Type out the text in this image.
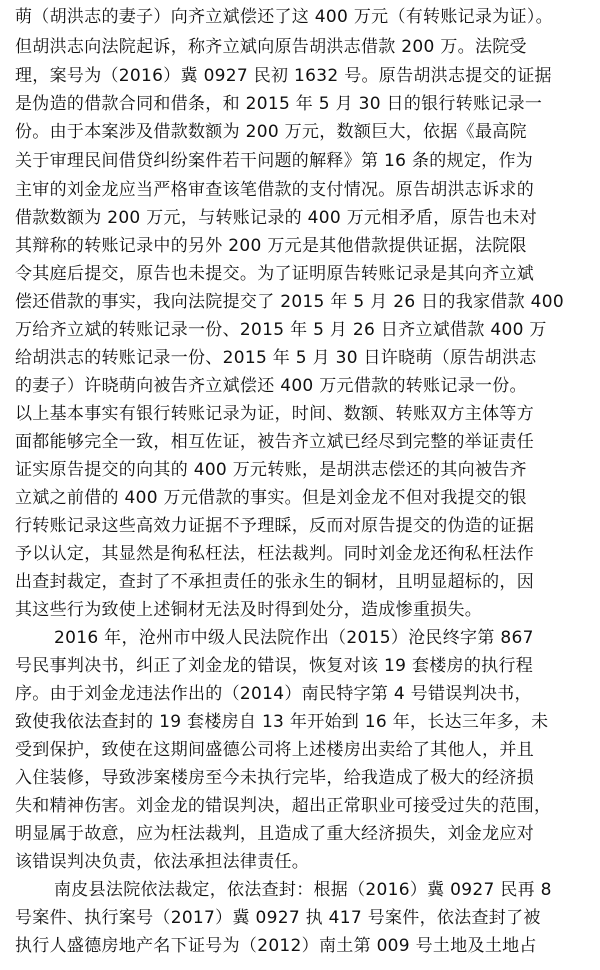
萌（胡洪志的妻子）向齐立斌偿还了这 400 万元（有转账记录为证）。
但胡洪志向法院起诉，称齐立斌向原告胡洪志借款 200 万。法院受
理，案号为（2016）冀 0927 民初 1632 号。原告胡洪志提交的证据
是伪造的借款合同和借条，和 2015 年 5 月 30 日的银行转账记录一
份。由于本案涉及借款数额为 200 万元，数额巨大，依据《最高院
关于审理民间借贷纠纷案件若干问题的解释》第 16 条的规定，作为
主审的刘金龙应当严格审查该笔借款的支付情况。原告胡洪志诉求的
借款数额为 200 万元，与转账记录的 400 万元相矛盾，原告也未对
其辩称的转账记录中的另外 200 万元是其他借款提供证据，法院限
令其庭后提交，原告也未提交。为了证明原告转账记录是其向齐立斌
偿还借款的事实，我向法院提交了 2015 年 5 月 26 日的我家借款 400
万给齐立斌的转账记录一份、2015 年 5 月 26 日齐立斌借款 400 万
给胡洪志的转账记录一份、2015 年 5 月 30 日许晓萌（原告胡洪志
的妻子）许晓萌向被告齐立斌偿还 400 万元借款的转账记录一份。
以上基本事实有银行转账记录为证，时间、数额、转账双方主体等方
面都能够完全一致，相互佐证，被告齐立斌已经尽到完整的举证责任
证实原告提交的向其的 400 万元转账，是胡洪志偿还的其向被告齐
立斌之前借的 400 万元借款的事实。但是刘金龙不但对我提交的银
行转账记录这些高效力证据不予理睬，反而对原告提交的伪造的证据
予以认定，其显然是徇私枉法，枉法裁判。同时刘金龙还徇私枉法作
出查封裁定，查封了不承担责任的张永生的铜材，且明显超标的，因
其这些行为致使上述铜材无法及时得到处分，造成惨重损失。
2016 年，沧州市中级人民法院作出（2015）沧民终字第 867
号民事判决书，纠正了刘金龙的错误，恢复对该 19 套楼房的执行程
序。由于刘金龙违法作出的（2014）南民特字第 4 号错误判决书，
致使我依法查封的 19 套楼房自 13 年开始到 16 年，长达三年多，未
受到保护，致使在这期间盛德公司将上述楼房出卖给了其他人，并且
入住装修，导致涉案楼房至今未执行完毕，给我造成了极大的经济损
失和精神伤害。刘金龙的错误判决，超出正常职业可接受过失的范围，
明显属于故意，应为枉法裁判，且造成了重大经济损失，刘金龙应对
该错误判决负责，依法承担法律责任。
南皮县法院依法裁定，依法查封：根据（2016）冀 0927 民再 8
号案件、执行案号（2017）冀 0927 执 417 号案件，依法查封了被
执行人盛德房地产名下证号为（2012）南土第 009 号土地及土地占
